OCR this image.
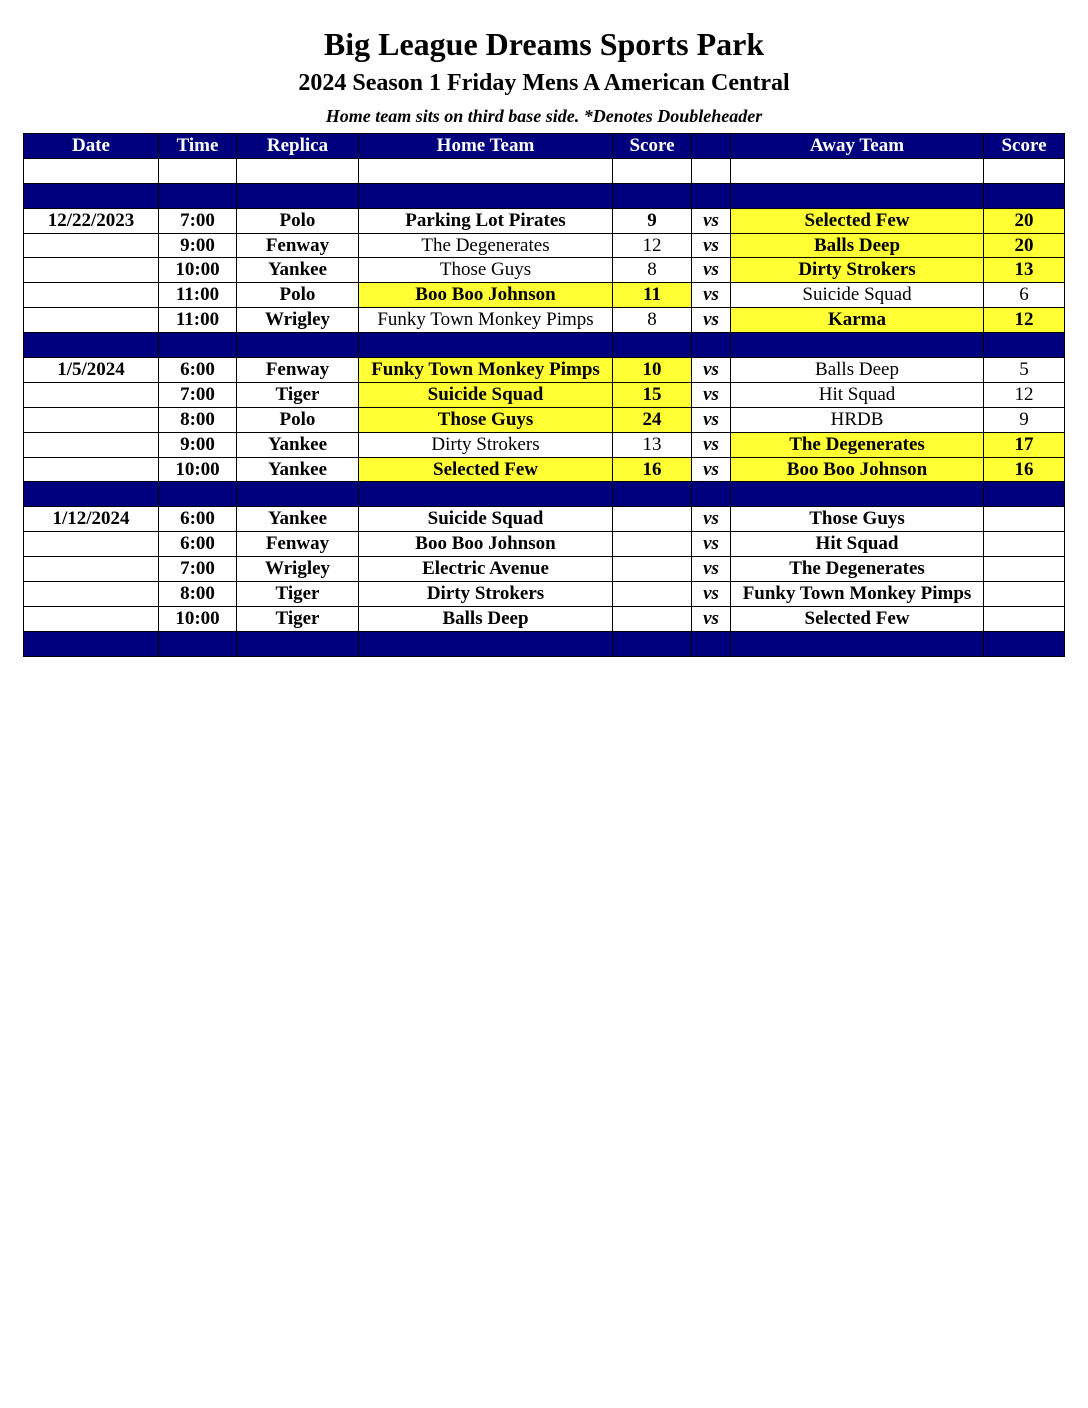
Big League Dreams Sports Park
2024 Season 1 Friday Mens A American Central
Home team sits on third base side. *Denotes Doubleheader
Date	Time	Replica	Home Team	Score		Away Team	Score

12/22/2023	7:00	Polo	Parking Lot Pirates	9	vs	Selected Few	20
	9:00	Fenway	The Degenerates	12	vs	Balls Deep	20
	10:00	Yankee	Those Guys	8	vs	Dirty Strokers	13
	11:00	Polo	Boo Boo Johnson	11	vs	Suicide Squad	6
	11:00	Wrigley	Funky Town Monkey Pimps	8	vs	Karma	12

1/5/2024	6:00	Fenway	Funky Town Monkey Pimps	10	vs	Balls Deep	5
	7:00	Tiger	Suicide Squad	15	vs	Hit Squad	12
	8:00	Polo	Those Guys	24	vs	HRDB	9
	9:00	Yankee	Dirty Strokers	13	vs	The Degenerates	17
	10:00	Yankee	Selected Few	16	vs	Boo Boo Johnson	16

1/12/2024	6:00	Yankee	Suicide Squad		vs	Those Guys	
	6:00	Fenway	Boo Boo Johnson		vs	Hit Squad	
	7:00	Wrigley	Electric Avenue		vs	The Degenerates	
	8:00	Tiger	Dirty Strokers		vs	Funky Town Monkey Pimps	
	10:00	Tiger	Balls Deep		vs	Selected Few	
